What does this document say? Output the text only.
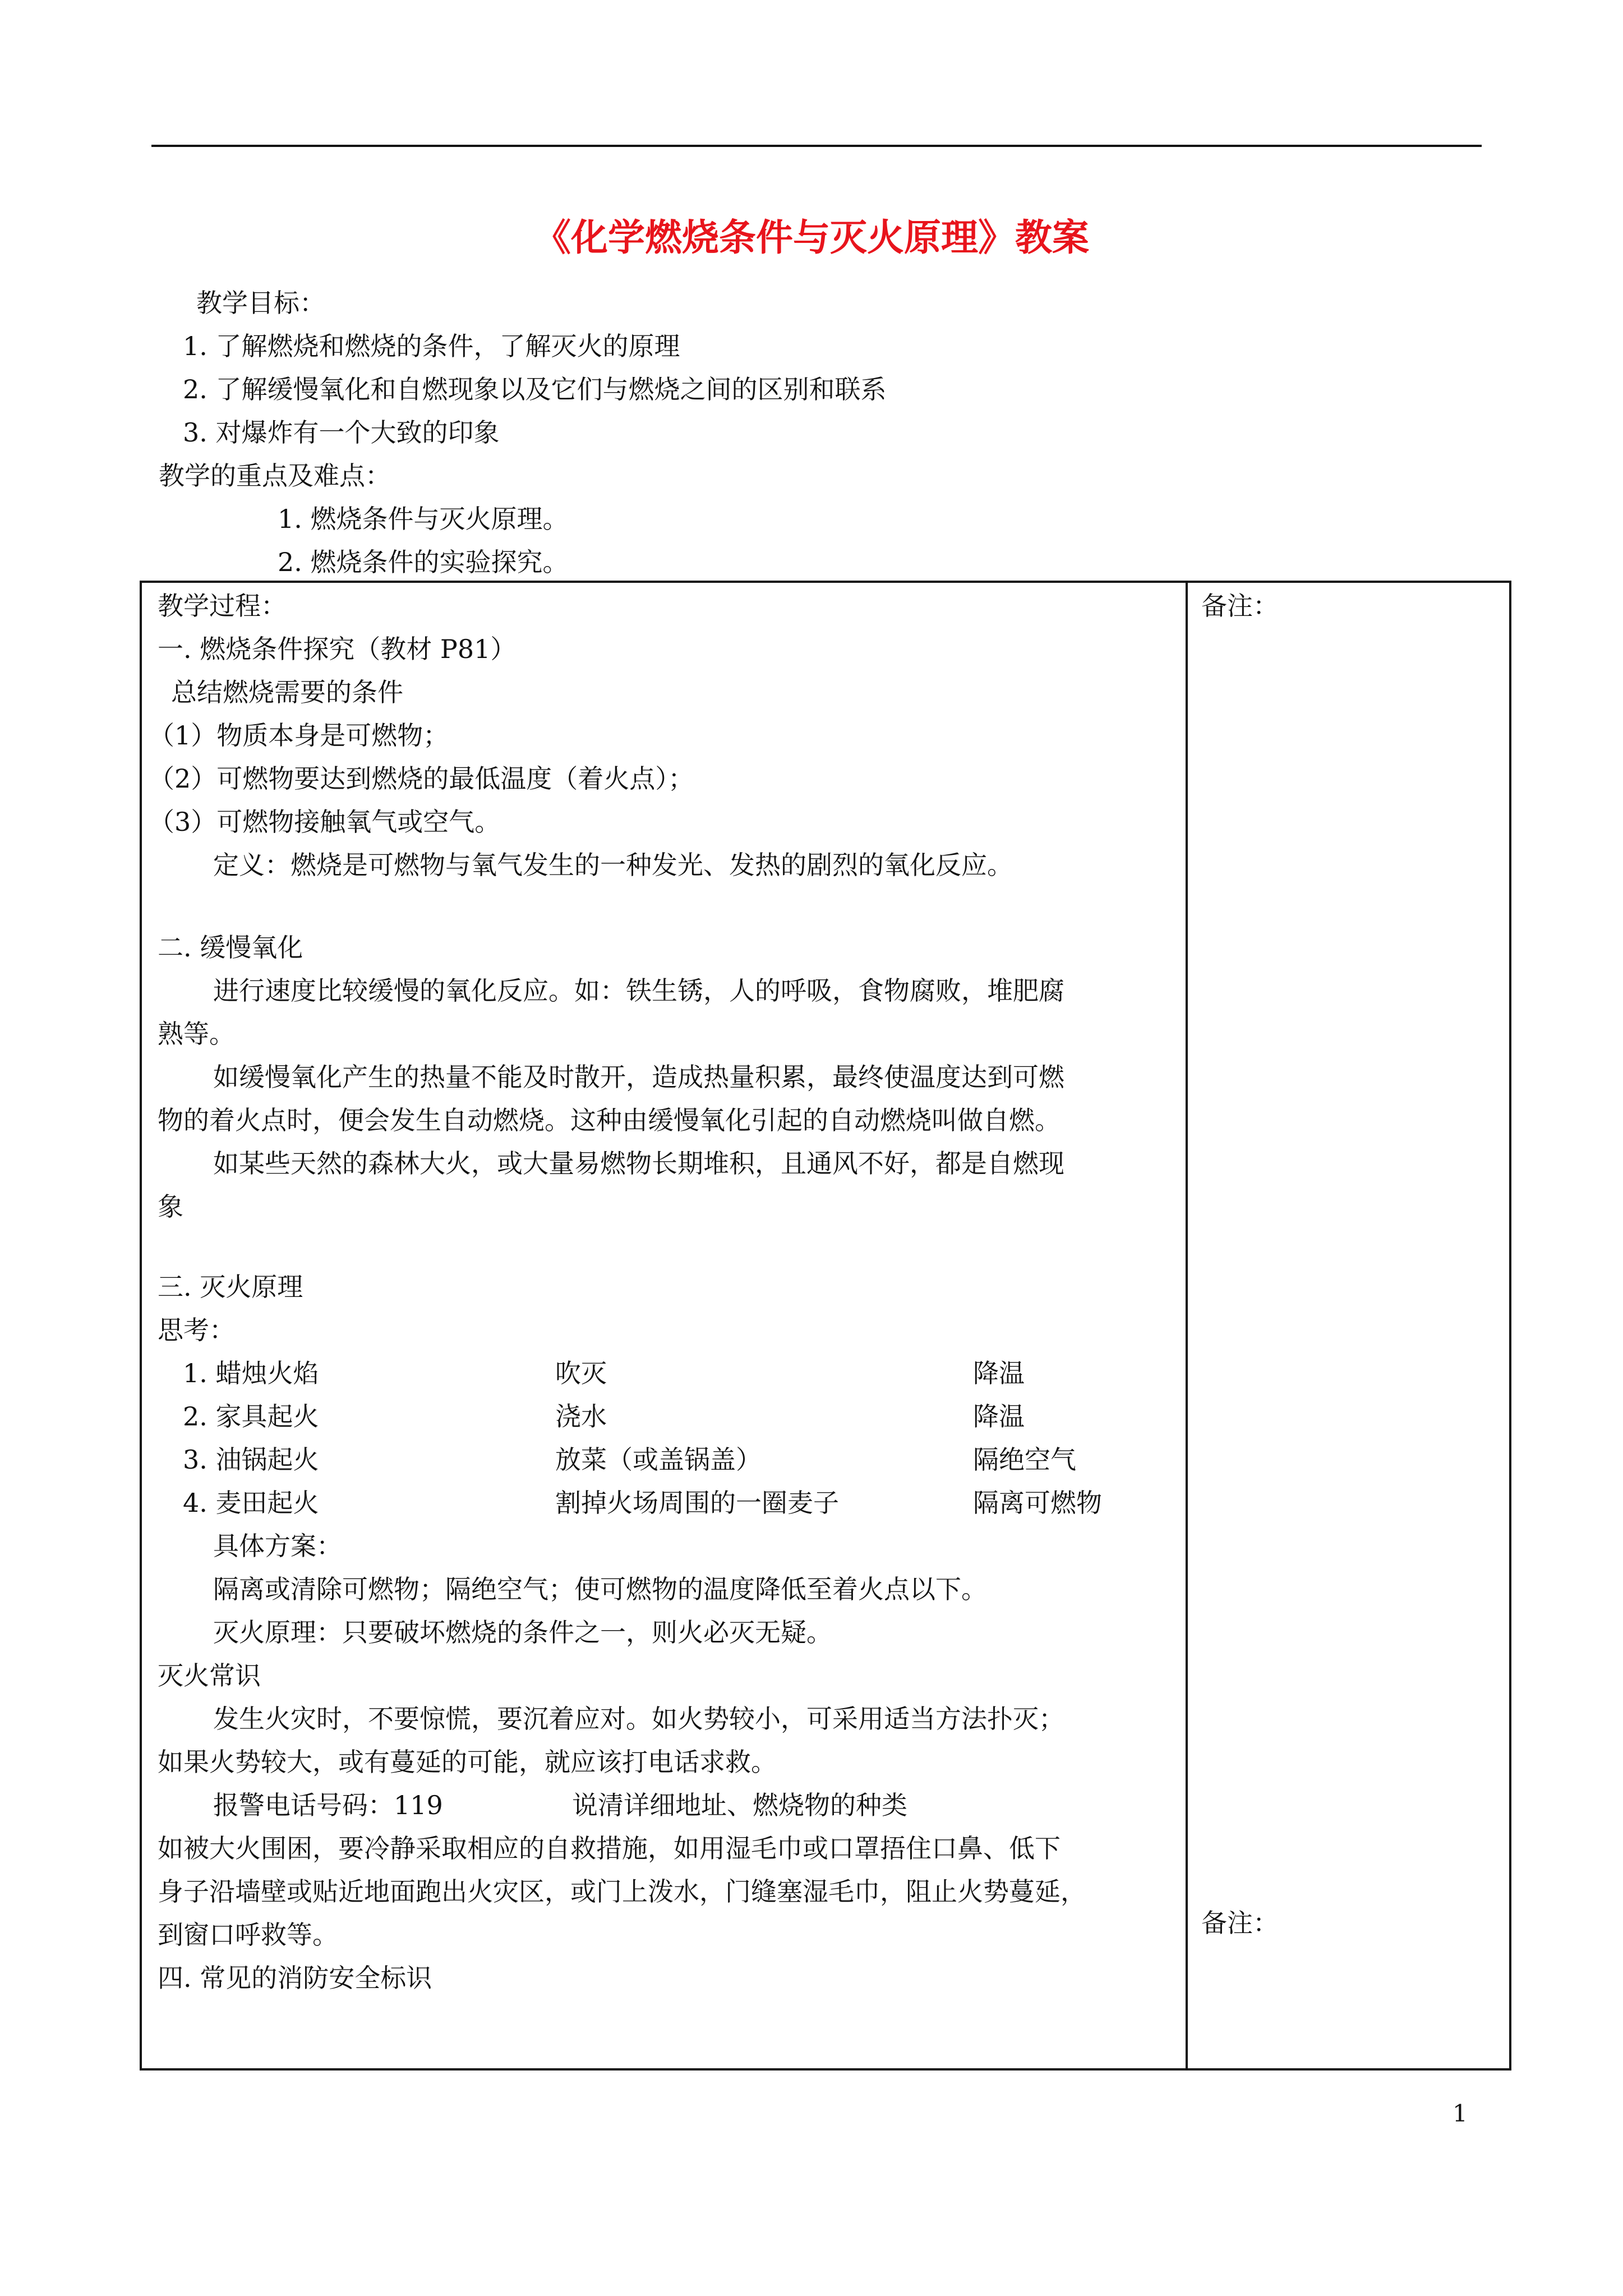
《化学燃烧条件与灭火原理》教案
教学目标：
1. 了解燃烧和燃烧的条件，了解灭火的原理
2. 了解缓慢氧化和自燃现象以及它们与燃烧之间的区别和联系
3. 对爆炸有一个大致的印象
教学的重点及难点：
1. 燃烧条件与灭火原理。
2. 燃烧条件的实验探究。
备注：
备注：
教学过程：
一. 燃烧条件探究（教材 P81）
总结燃烧需要的条件
（1）物质本身是可燃物；
（2）可燃物要达到燃烧的最低温度（着火点）；
（3）可燃物接触氧气或空气。
定义：燃烧是可燃物与氧气发生的一种发光、发热的剧烈的氧化反应。
二. 缓慢氧化
进行速度比较缓慢的氧化反应。如：铁生锈，人的呼吸，食物腐败，堆肥腐
熟等。
如缓慢氧化产生的热量不能及时散开，造成热量积累，最终使温度达到可燃
物的着火点时，便会发生自动燃烧。这种由缓慢氧化引起的自动燃烧叫做自燃。
如某些天然的森林大火，或大量易燃物长期堆积，且通风不好，都是自燃现
象
三. 灭火原理
思考：
1. 蜡烛火焰	吹灭	降温
2. 家具起火	浇水	降温
3. 油锅起火	放菜（或盖锅盖）	隔绝空气
4. 麦田起火	割掉火场周围的一圈麦子	隔离可燃物
具体方案：
隔离或清除可燃物；隔绝空气；使可燃物的温度降低至着火点以下。
灭火原理：只要破坏燃烧的条件之一，则火必灭无疑。
灭火常识
发生火灾时，不要惊慌，要沉着应对。如火势较小，可采用适当方法扑灭；
如果火势较大，或有蔓延的可能，就应该打电话求救。
报警电话号码：119	说清详细地址、燃烧物的种类
如被大火围困，要冷静采取相应的自救措施，如用湿毛巾或口罩捂住口鼻、低下
身子沿墙壁或贴近地面跑出火灾区，或门上泼水，门缝塞湿毛巾，阻止火势蔓延，
到窗口呼救等。
四. 常见的消防安全标识
1
